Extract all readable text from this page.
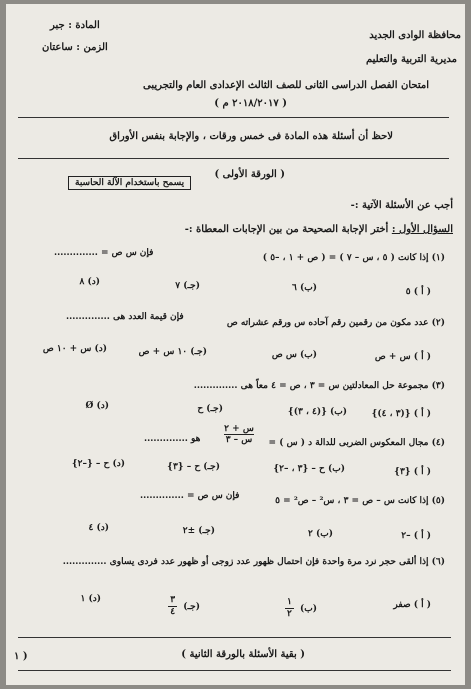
محافظة الوادى الجديد
مديرية التربية والتعليم
المادة : جبر
الزمن : ساعتان
امتحان الفصل الدراسى الثانى للصف الثالث الإعدادى العام والتجريبى
( ٢٠١٨/٢٠١٧ م )
لاحظ أن أسئلة هذه المادة فى خمس ورقات ، والإجابة بنفس الأوراق
( الورقة الأولى )
يسمح باستخدام الآلة الحاسبة
أجب عن الأسئلة الآتية :-
السؤال الأول : أختر الإجابة الصحيحة من بين الإجابات المعطاة :-
(١) إذا كانت ( ٥ ، س – ٧ ) = ( ص + ١ ، –٥ )
فإن س ص = ..............
( أ ) ٥
(ب) ٦
(جـ) ٧
(د) ٨
(٢) عدد مكون من رقمين رقم آحاده س ورقم عشراته ص
فإن قيمة العدد هى ..............
( أ ) س + ص
(ب) س ص
(جـ) ١٠ س + ص
(د) س + ١٠ ص
(٣) مجموعة حل المعادلتين س = ٣ ، ص = ٤ معاً هى ..............
( أ ) {(٣ ، ٤)}
(ب) {(٤ ، ٣)}
(جـ) ح
(د) Ø
(٤) مجال المعكوس الضربى للدالة د ( س ) =
س + ٢
س – ٣
هو ..............
( أ ) {٣}
(ب) ح – {٣ ، –٢}
(جـ) ح – {٣}
(د) ح – {–٢}
(٥) إذا كانت س – ص = ٣ ، س² – ص² = ٥
فإن س ص = ..............
( أ ) –٢
(ب) ٢
(جـ) ±٢
(د) ٤
(٦) إذا ألقى حجر نرد مرة واحدة فإن احتمال ظهور عدد زوجى أو ظهور عدد فردى يساوى ..............
( أ ) صفر
(ب)
١
٢
(جـ)
٣
٤
(د) ١
( بقية الأسئلة بالورقة الثانية )
( ١
